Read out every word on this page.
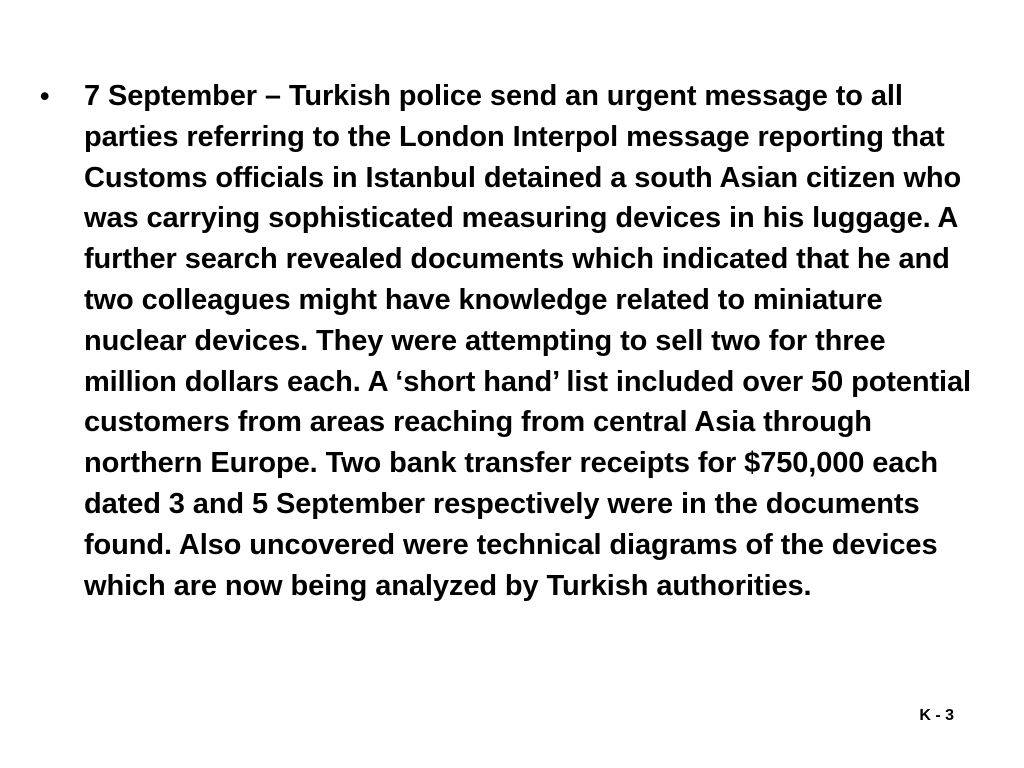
•	7 September – Turkish police send an urgent message to all parties referring to the London Interpol message reporting that Customs officials in Istanbul detained a south Asian citizen who was carrying sophisticated measuring devices in his luggage. A further search revealed documents which indicated that he and two colleagues might have knowledge related to miniature nuclear devices. They were attempting to sell two for three million dollars each. A ‘short hand’ list included over 50 potential customers from areas reaching from central Asia through northern Europe. Two bank transfer receipts for $750,000 each dated 3 and 5 September respectively were in the documents found. Also uncovered were technical diagrams of the devices which are now being analyzed by Turkish authorities.
K - 3
